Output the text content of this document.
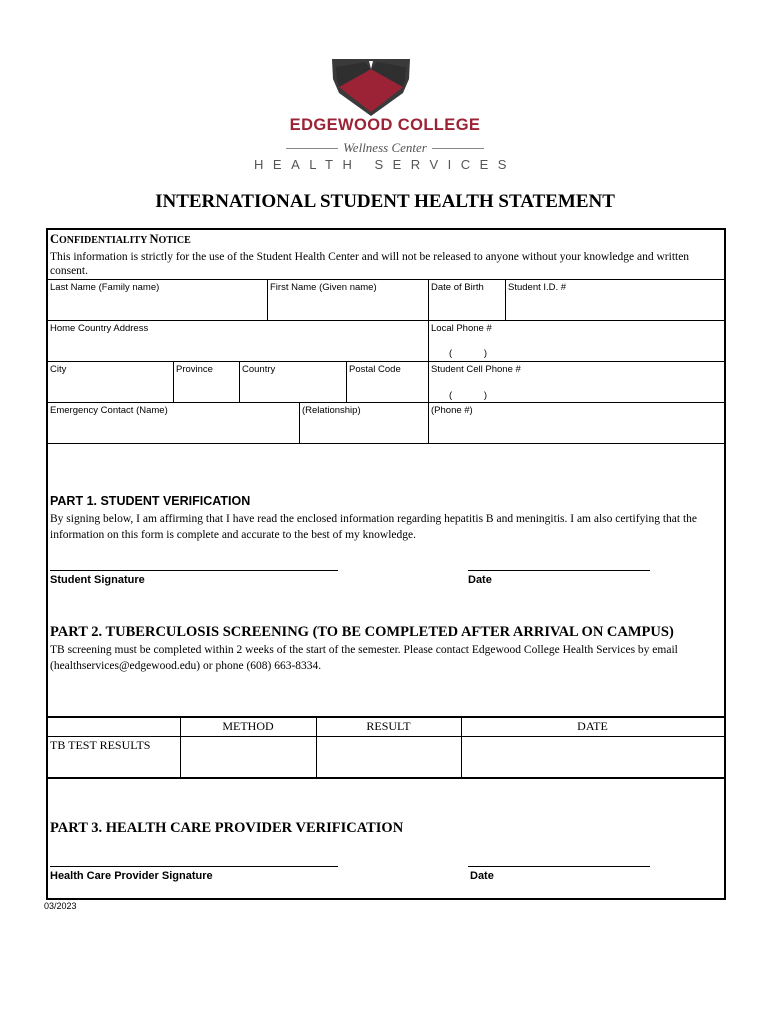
EDGEWOOD COLLEGE
Wellness Center
HEALTH SERVICES
INTERNATIONAL STUDENT HEALTH STATEMENT
CONFIDENTIALITY NOTICE
This information is strictly for the use of the Student Health Center and will not be released to anyone without your knowledge and written consent.
Last Name (Family name)	First Name (Given name)	Date of Birth	Student I.D. #
Home Country Address	Local Phone #
(            )
City	Province	Country	Postal Code	Student Cell Phone #
(            )
Emergency Contact (Name)	(Relationship)	(Phone #)
PART 1. STUDENT VERIFICATION
By signing below, I am affirming that I have read the enclosed information regarding hepatitis B and meningitis. I am also certifying that the information on this form is complete and accurate to the best of my knowledge.
Student Signature	Date
PART 2. TUBERCULOSIS SCREENING (TO BE COMPLETED AFTER ARRIVAL ON CAMPUS)
TB screening must be completed within 2 weeks of the start of the semester. Please contact Edgewood College Health Services by email (healthservices@edgewood.edu) or phone (608) 663-8334.
METHOD	RESULT	DATE
TB TEST RESULTS
PART 3. HEALTH CARE PROVIDER VERIFICATION
Health Care Provider Signature	Date
03/2023
